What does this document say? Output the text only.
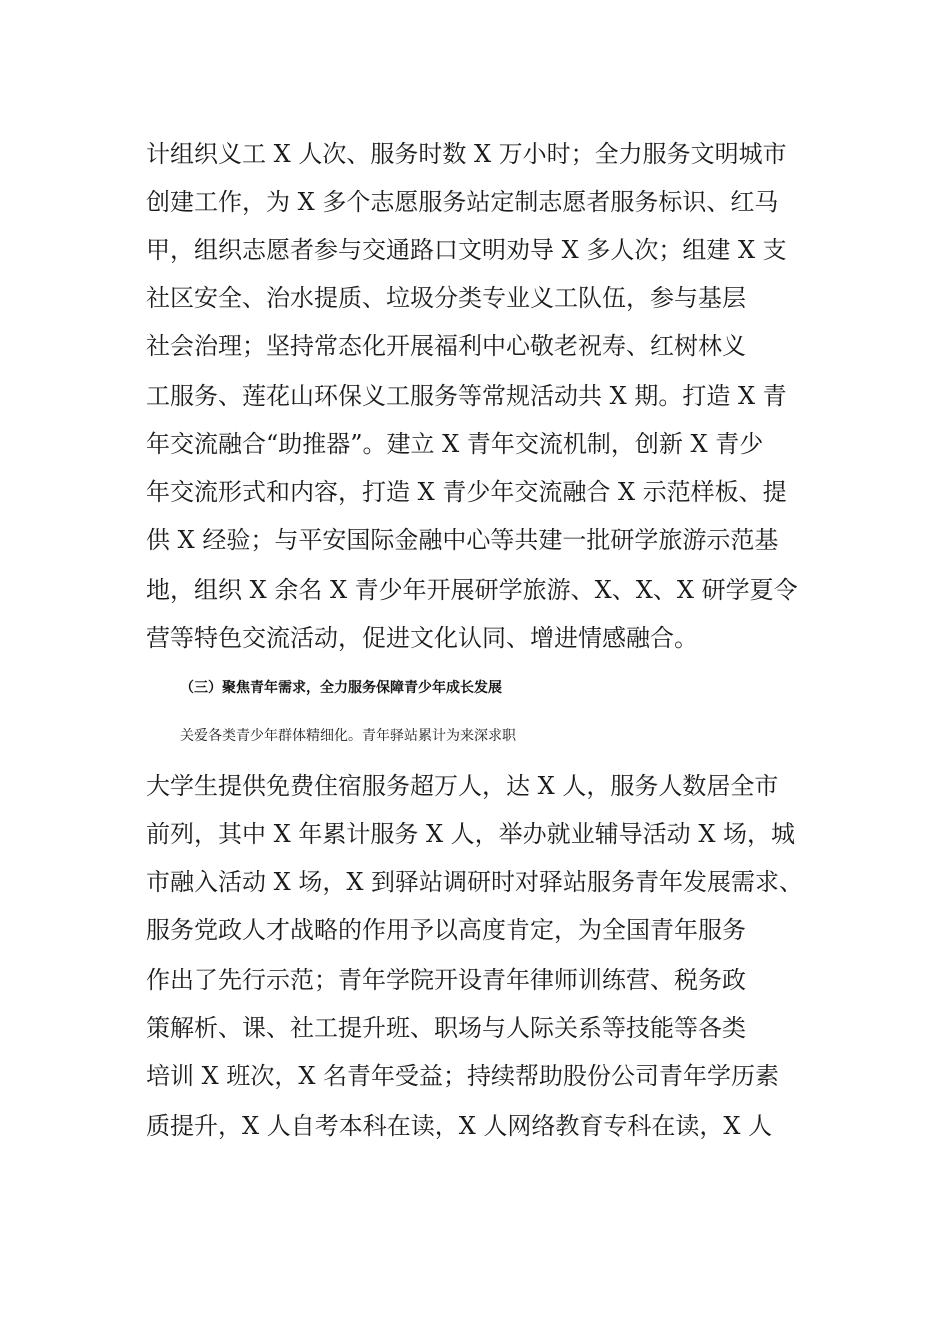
计组织义工 X 人次、服务时数 X 万小时；全力服务文明城市
创建工作，为 X 多个志愿服务站定制志愿者服务标识、红马
甲，组织志愿者参与交通路口文明劝导 X 多人次；组建 X 支
社区安全、治水提质、垃圾分类专业义工队伍，参与基层
社会治理；坚持常态化开展福利中心敬老祝寿、红树林义
工服务、莲花山环保义工服务等常规活动共 X 期。打造 X 青
年交流融合“助推器”。建立 X 青年交流机制，创新 X 青少
年交流形式和内容，打造 X 青少年交流融合 X 示范样板、提
供 X 经验；与平安国际金融中心等共建一批研学旅游示范基
地，组织 X 余名 X 青少年开展研学旅游、X、X、X 研学夏令
营等特色交流活动，促进文化认同、增进情感融合。
（三）聚焦青年需求，全力服务保障青少年成长发展
关爱各类青少年群体精细化。青年驿站累计为来深求职
大学生提供免费住宿服务超万人，达 X 人，服务人数居全市
前列，其中 X 年累计服务 X 人，举办就业辅导活动 X 场，城
市融入活动 X 场，X 到驿站调研时对驿站服务青年发展需求、
服务党政人才战略的作用予以高度肯定，为全国青年服务
作出了先行示范；青年学院开设青年律师训练营、税务政
策解析、课、社工提升班、职场与人际关系等技能等各类
培训 X 班次，X 名青年受益；持续帮助股份公司青年学历素
质提升，X 人自考本科在读，X 人网络教育专科在读，X 人
